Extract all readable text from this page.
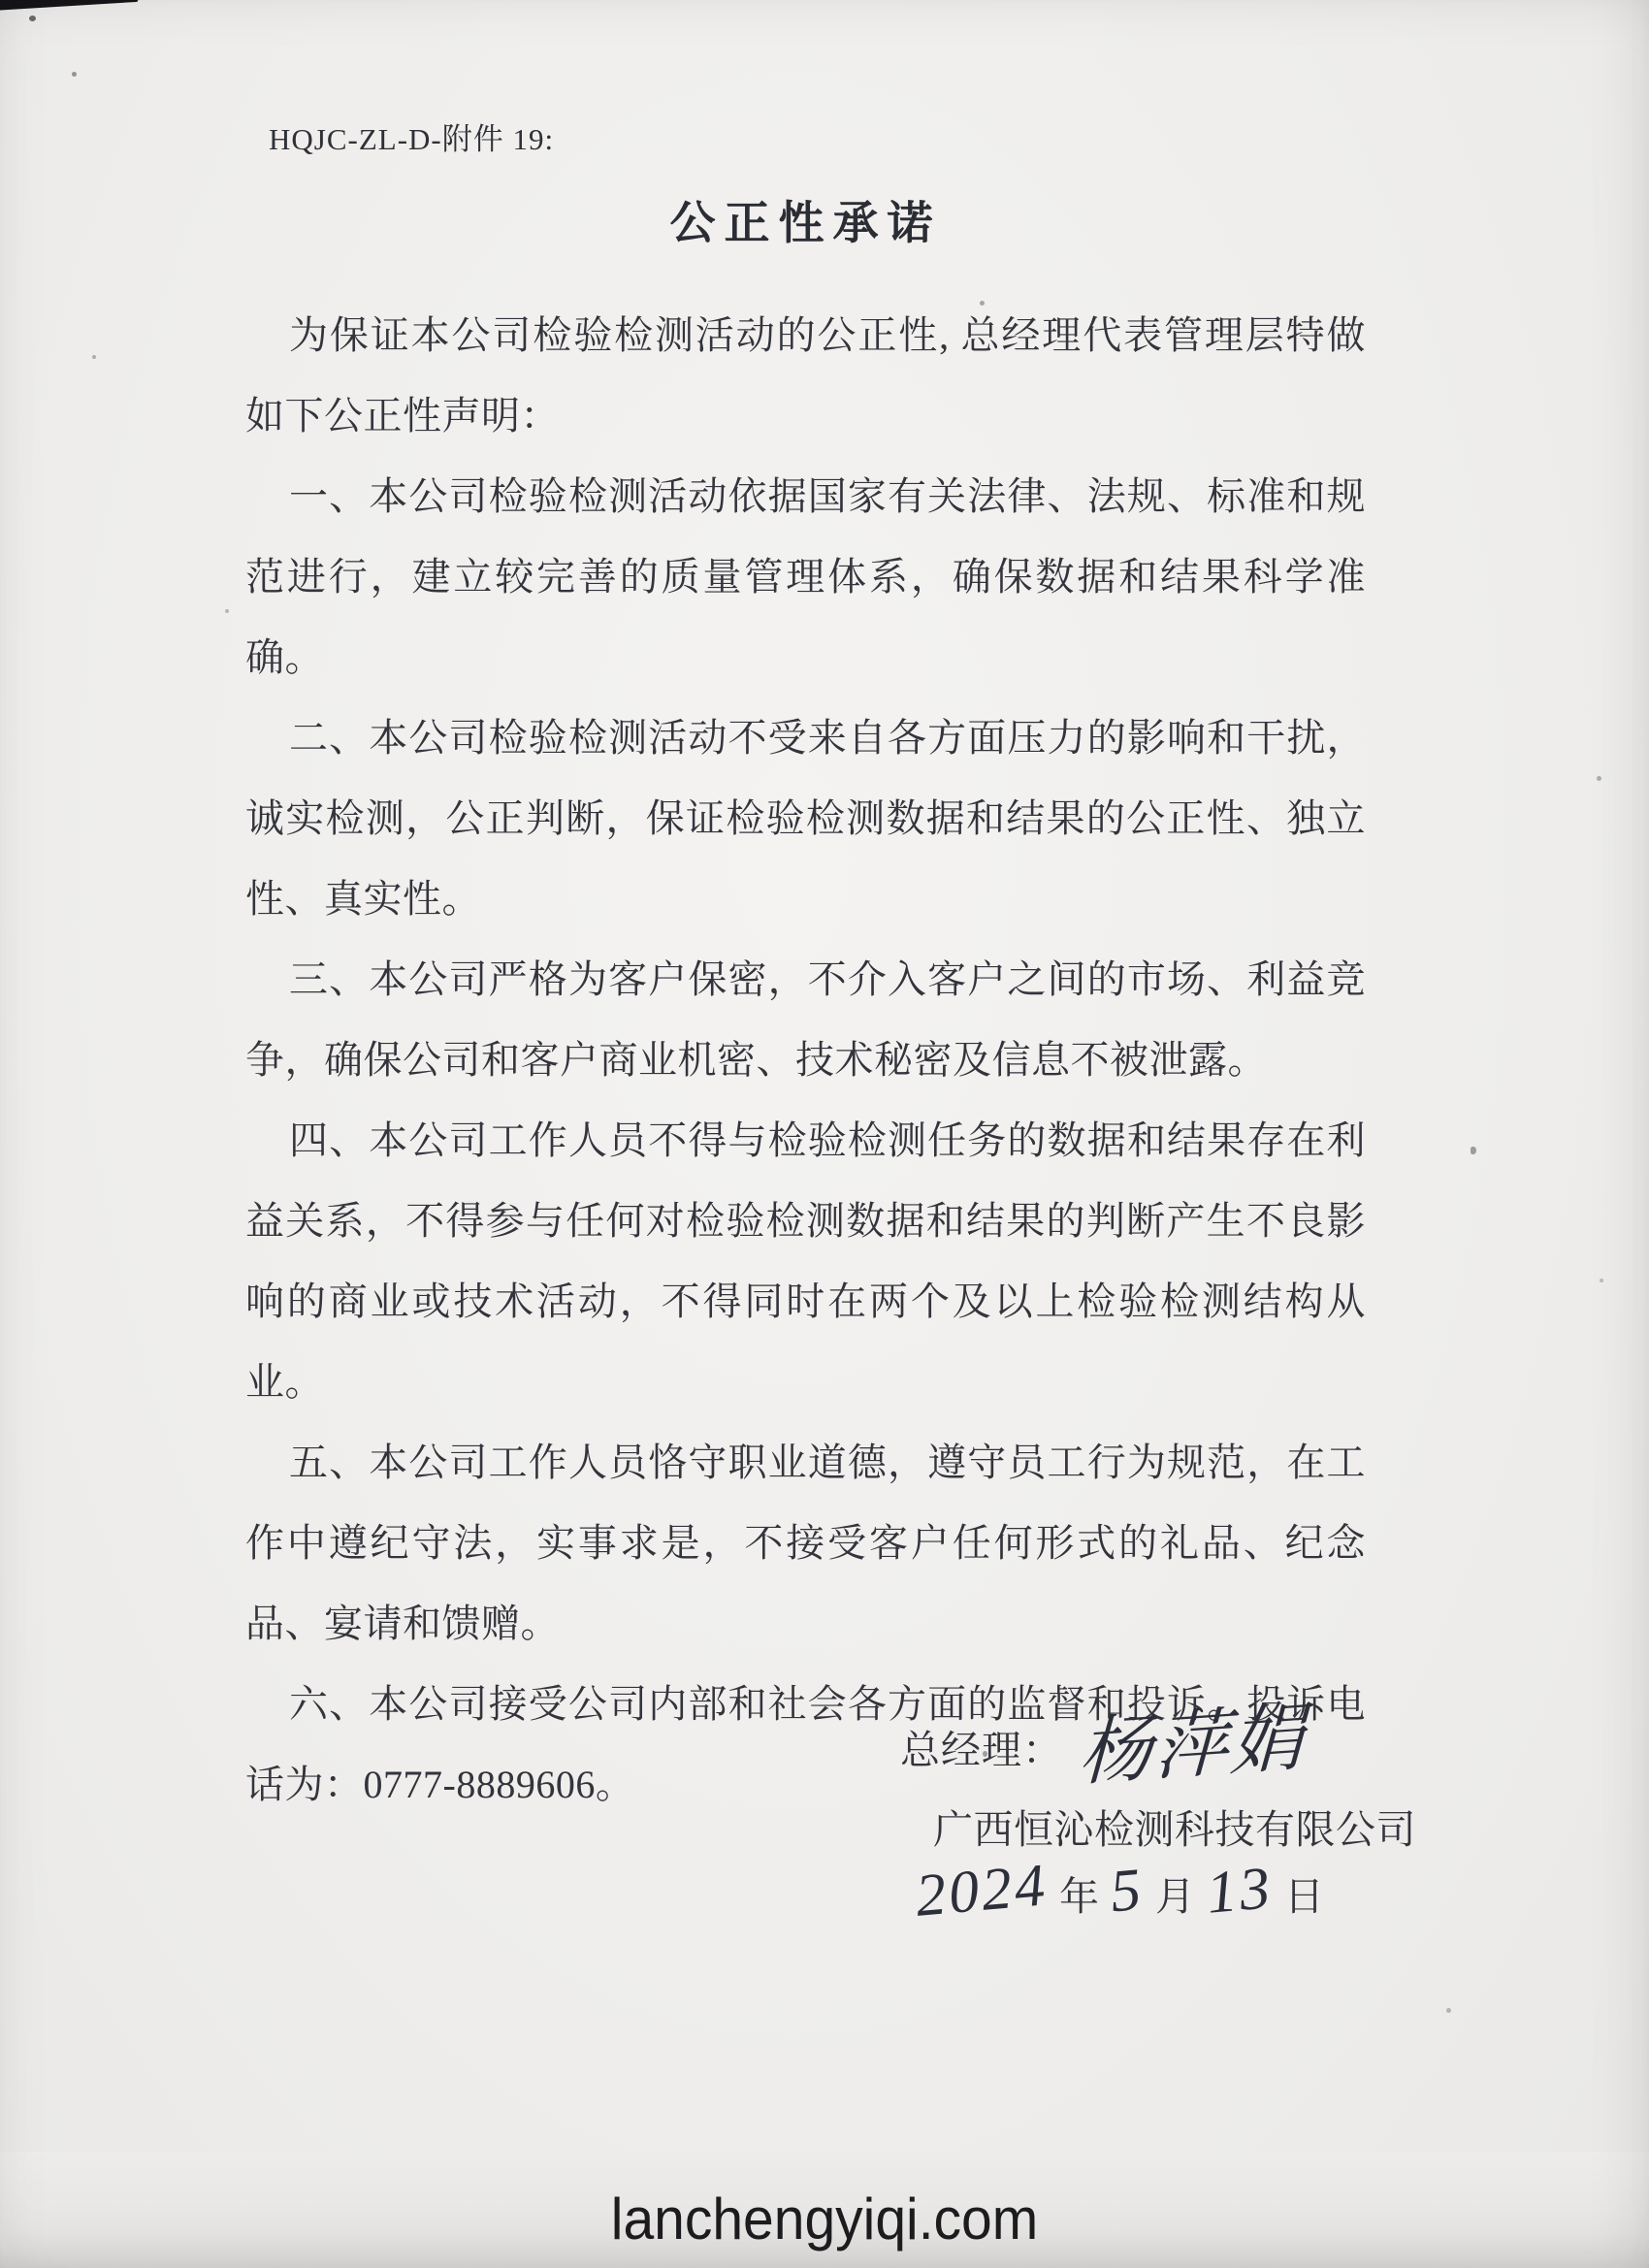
HQJC-ZL-D-附件 19:
公正性承诺

为保证本公司检验检测活动的公正性, 总经理代表管理层特做如下公正性声明：

一、本公司检验检测活动依据国家有关法律、法规、标准和规范进行，建立较完善的质量管理体系，确保数据和结果科学准确。

二、本公司检验检测活动不受来自各方面压力的影响和干扰，诚实检测，公正判断，保证检验检测数据和结果的公正性、独立性、真实性。

三、本公司严格为客户保密，不介入客户之间的市场、利益竞争，确保公司和客户商业机密、技术秘密及信息不被泄露。

四、本公司工作人员不得与检验检测任务的数据和结果存在利益关系，不得参与任何对检验检测数据和结果的判断产生不良影响的商业或技术活动，不得同时在两个及以上检验检测结构从业。

五、本公司工作人员恪守职业道德，遵守员工行为规范，在工作中遵纪守法，实事求是，不接受客户任何形式的礼品、纪念品、宴请和馈赠。

六、本公司接受公司内部和社会各方面的监督和投诉。投诉电话为：0777-8889606。

总经理： 杨萍娟
广西恒沁检测科技有限公司
2024 年 5 月 13 日
lanchengyiqi.com
